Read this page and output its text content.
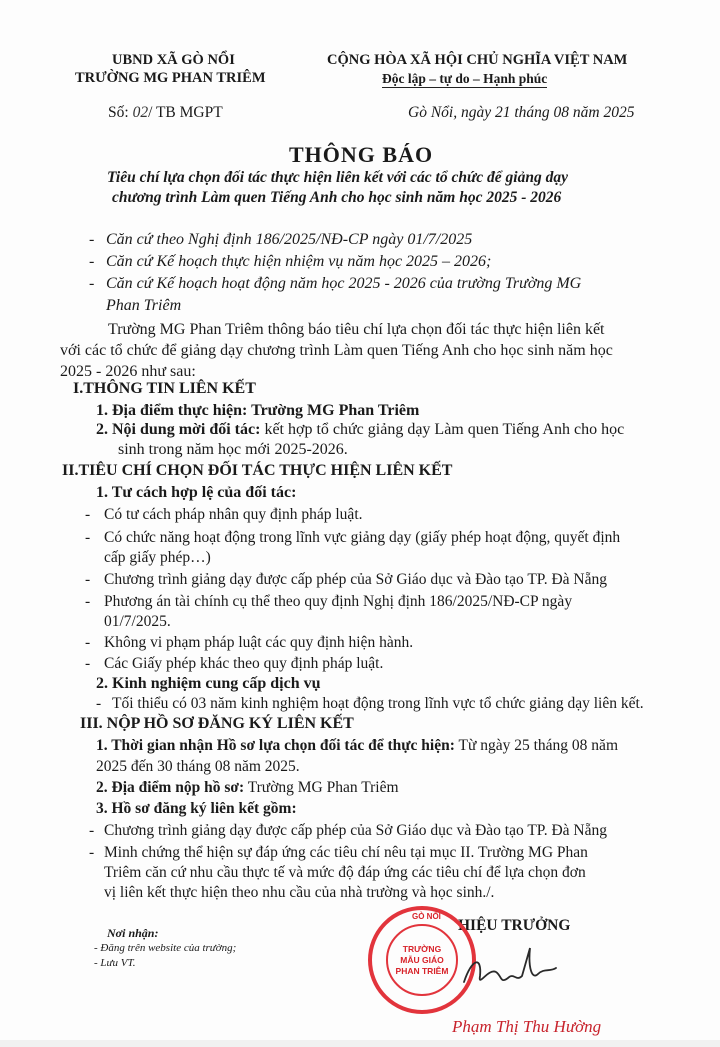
UBND XÃ GÒ NỔI
TRƯỜNG MG PHAN TRIÊM
CỘNG HÒA XÃ HỘI CHỦ NGHĨA VIỆT NAM
Độc lập – tự do – Hạnh phúc
Số: 02/ TB MGPT	Gò Nổi, ngày 21 tháng 08 năm 2025
THÔNG BÁO
Tiêu chí lựa chọn đối tác thực hiện liên kết với các tổ chức để giảng dạy
chương trình Làm quen Tiếng Anh cho học sinh năm học 2025 - 2026
- Căn cứ theo Nghị định 186/2025/NĐ-CP ngày 01/7/2025
- Căn cứ Kế hoạch thực hiện nhiệm vụ năm học 2025 – 2026;
- Căn cứ Kế hoạch hoạt động năm học 2025 - 2026 của trường Trường MG
Phan Triêm
Trường MG Phan Triêm thông báo tiêu chí lựa chọn đối tác thực hiện liên kết
với các tổ chức để giảng dạy chương trình Làm quen Tiếng Anh cho học sinh năm học
2025 - 2026 như sau:
I.THÔNG TIN LIÊN KẾT
1. Địa điểm thực hiện: Trường MG Phan Triêm
2. Nội dung mời đối tác: kết hợp tổ chức giảng dạy Làm quen Tiếng Anh cho học
sinh trong năm học mới 2025-2026.
II.TIÊU CHÍ CHỌN ĐỐI TÁC THỰC HIỆN LIÊN KẾT
1. Tư cách hợp lệ của đối tác:
- Có tư cách pháp nhân quy định pháp luật.
- Có chức năng hoạt động trong lĩnh vực giảng dạy (giấy phép hoạt động, quyết định
cấp giấy phép…)
- Chương trình giảng dạy được cấp phép của Sở Giáo dục và Đào tạo TP. Đà Nẵng
- Phương án tài chính cụ thể theo quy định Nghị định 186/2025/NĐ-CP ngày
01/7/2025.
- Không vi phạm pháp luật các quy định hiện hành.
- Các Giấy phép khác theo quy định pháp luật.
2. Kinh nghiệm cung cấp dịch vụ
- Tối thiểu có 03 năm kinh nghiệm hoạt động trong lĩnh vực tổ chức giảng dạy liên kết.
III. NỘP HỒ SƠ ĐĂNG KÝ LIÊN KẾT
1. Thời gian nhận Hồ sơ lựa chọn đối tác để thực hiện: Từ ngày 25 tháng 08 năm
2025 đến 30 tháng 08 năm 2025.
2. Địa điểm nộp hồ sơ: Trường MG Phan Triêm
3. Hồ sơ đăng ký liên kết gồm:
- Chương trình giảng dạy được cấp phép của Sở Giáo dục và Đào tạo TP. Đà Nẵng
- Minh chứng thể hiện sự đáp ứng các tiêu chí nêu tại mục II. Trường MG Phan
Triêm căn cứ nhu cầu thực tế và mức độ đáp ứng các tiêu chí để lựa chọn đơn
vị liên kết thực hiện theo nhu cầu của nhà trường và học sinh./.
Nơi nhận:
- Đăng trên website của trường;
- Lưu VT.
HIỆU TRƯỞNG
GÒ NỔI
TRƯỜNG
MẪU GIÁO
PHAN TRIÊM
Phạm Thị Thu Hường
